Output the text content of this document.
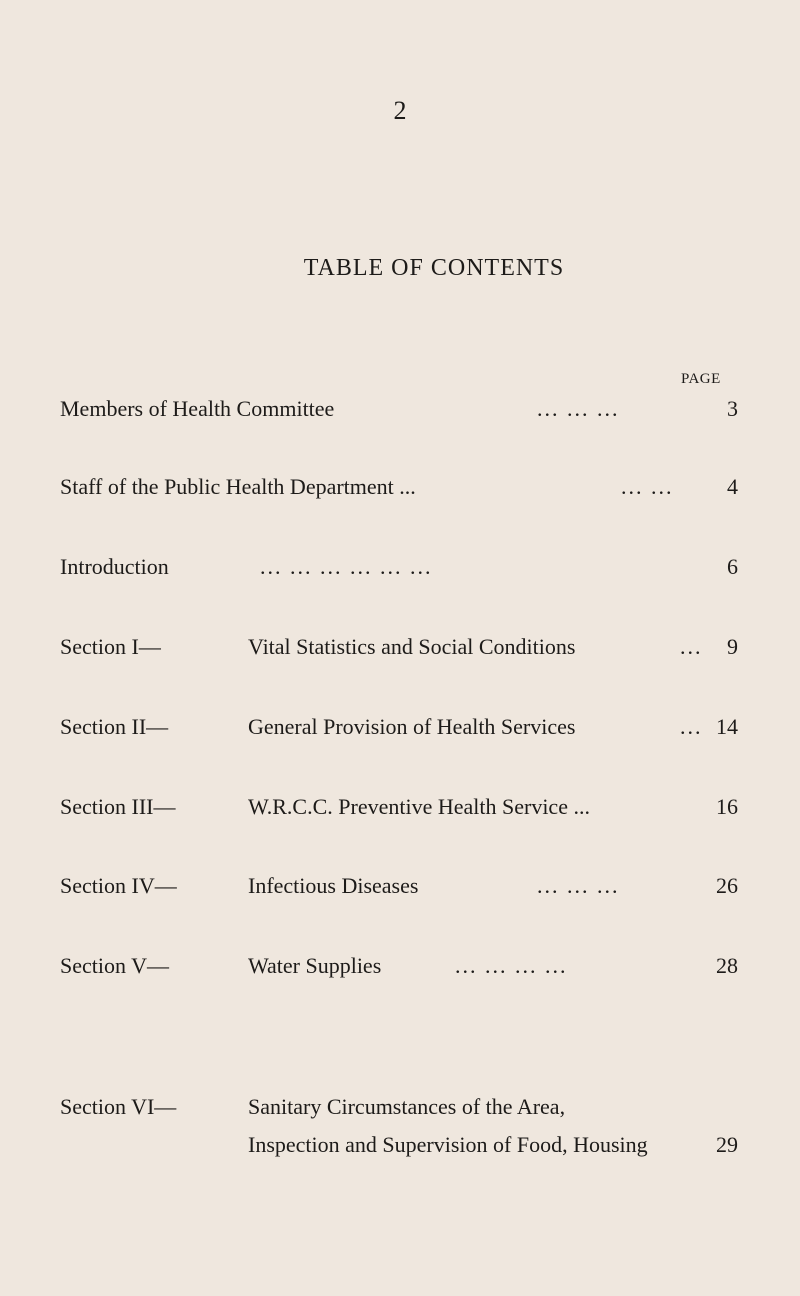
2
TABLE OF CONTENTS
PAGE
Members of Health Committee	... ... ...	3
Staff of the Public Health Department ...	... ... 4
Introduction	... ... ... ... ... ...	6
Section I—	Vital Statistics and Social Conditions	... 9
Section II—	General Provision of Health Services	... 14
Section III—	W.R.C.C. Preventive Health Service ...	16
Section IV—	Infectious Diseases	... ... ...	26
Section V—	Water Supplies	... ... ... ...	28
Section VI—	Sanitary Circumstances of the Area,
Inspection and Supervision of Food, Housing	29
